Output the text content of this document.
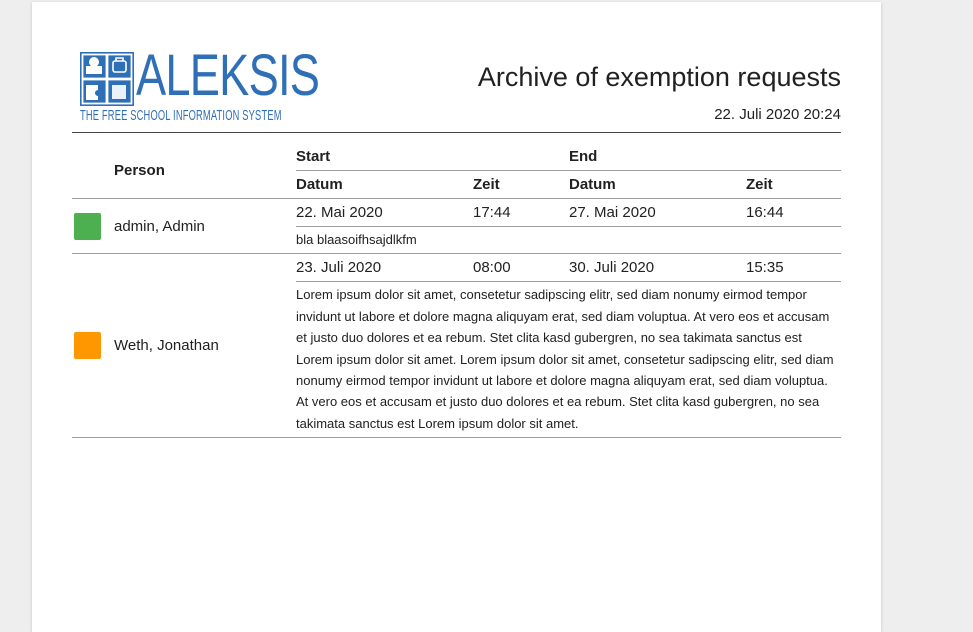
ALEKSIS
THE FREE SCHOOL INFORMATION SYSTEM
Archive of exemption requests
22. Juli 2020 20:24
	Person	Start		End	
		Datum	Zeit	Datum	Zeit

	admin, Admin	22. Mai 2020	17:44	27. Mai 2020	16:44
		bla blaasoifhsajdlkfm			

	Weth, Jonathan	23. Juli 2020	08:00	30. Juli 2020	15:35
		Lorem ipsum dolor sit amet, consetetur sadipscing elitr, sed diam nonumy eirmod tempor invidunt ut labore et dolore magna aliquyam erat, sed diam voluptua. At vero eos et accusam et justo duo dolores et ea rebum. Stet clita kasd gubergren, no sea takimata sanctus est Lorem ipsum dolor sit amet. Lorem ipsum dolor sit amet, consetetur sadipscing elitr, sed diam nonumy eirmod tempor invidunt ut labore et dolore magna aliquyam erat, sed diam voluptua. At vero eos et accusam et justo duo dolores et ea rebum. Stet clita kasd gubergren, no sea takimata sanctus est Lorem ipsum dolor sit amet.			
